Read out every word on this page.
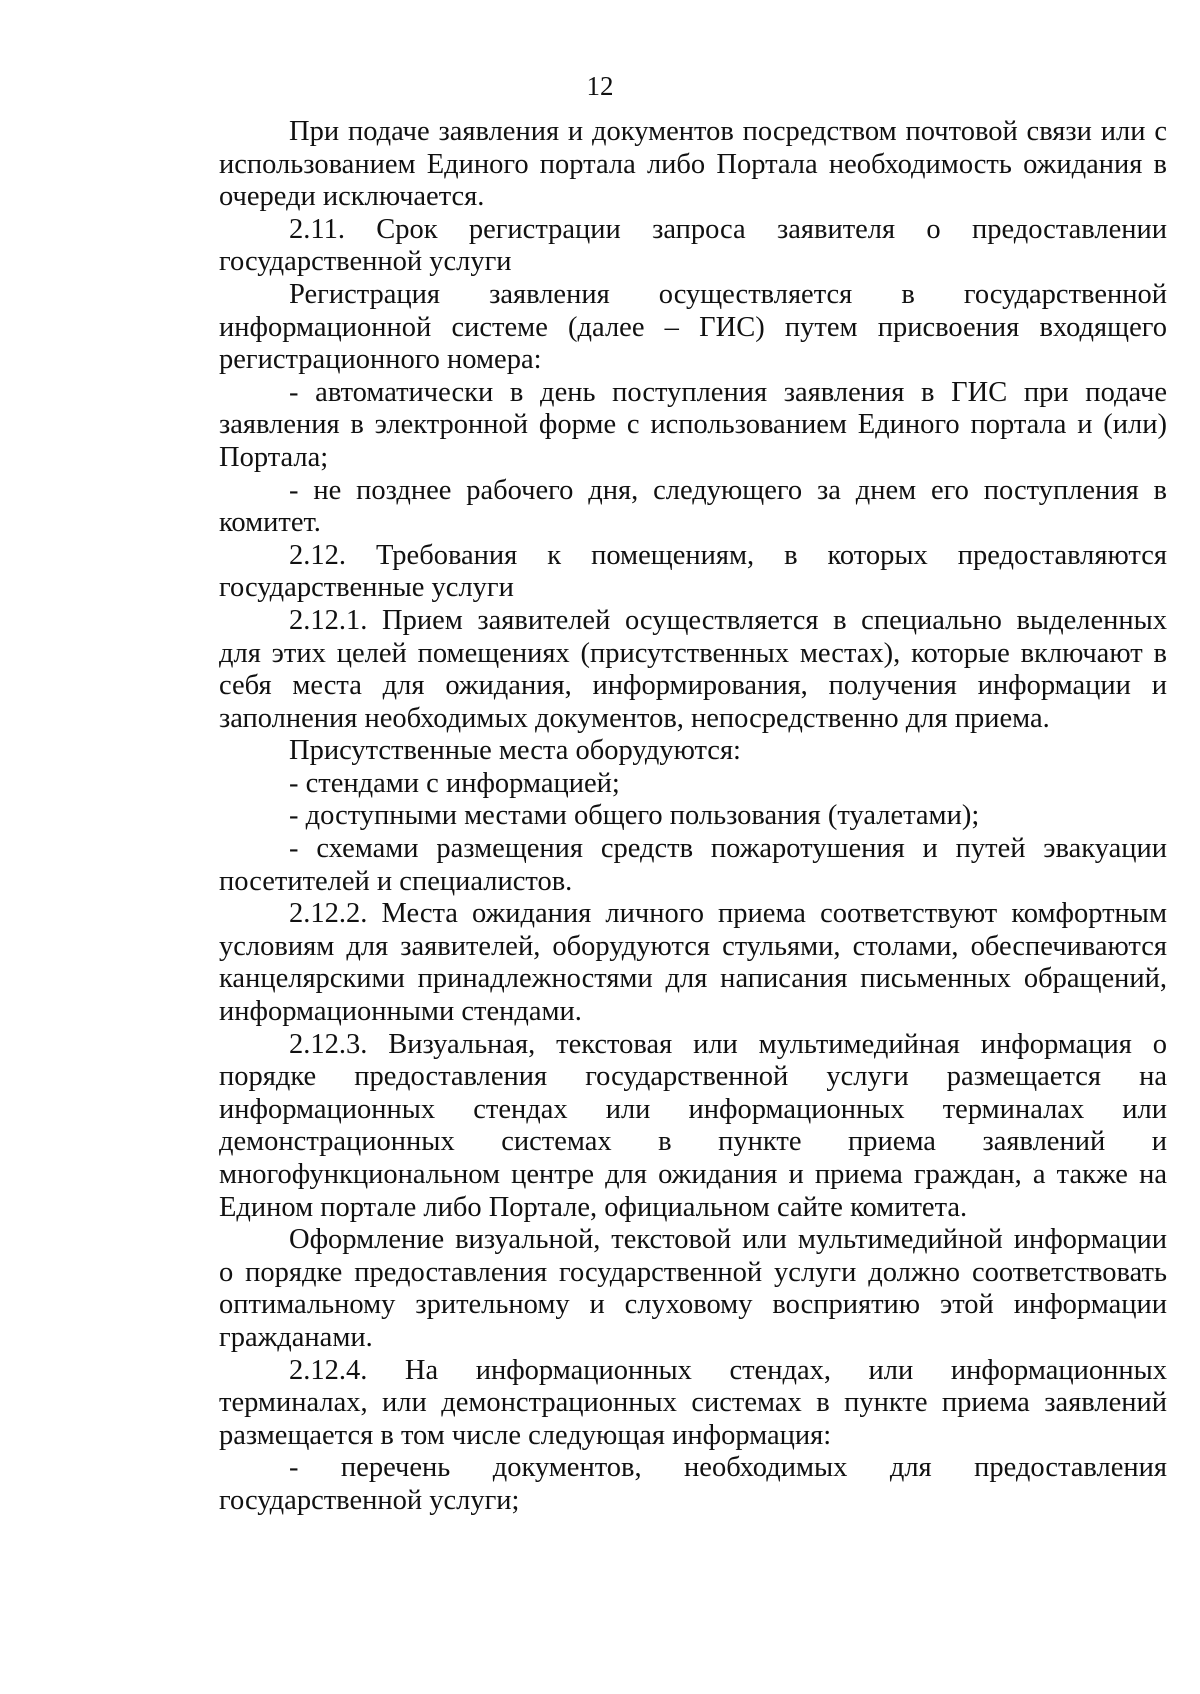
12

При подаче заявления и документов посредством почтовой связи или с использованием Единого портала либо Портала необходимость ожидания в очереди исключается.

2.11. Срок регистрации запроса заявителя о предоставлении государственной услуги

Регистрация заявления осуществляется в государственной информационной системе (далее – ГИС) путем присвоения входящего регистрационного номера:

- автоматически в день поступления заявления в ГИС при подаче заявления в электронной форме с использованием Единого портала и (или) Портала;

- не позднее рабочего дня, следующего за днем его поступления в комитет.

2.12. Требования к помещениям, в которых предоставляются государственные услуги

2.12.1. Прием заявителей осуществляется в специально выделенных для этих целей помещениях (присутственных местах), которые включают в себя места для ожидания, информирования, получения информации и заполнения необходимых документов, непосредственно для приема.

Присутственные места оборудуются:

- стендами с информацией;

- доступными местами общего пользования (туалетами);

- схемами размещения средств пожаротушения и путей эвакуации посетителей и специалистов.

2.12.2. Места ожидания личного приема соответствуют комфортным условиям для заявителей, оборудуются стульями, столами, обеспечиваются канцелярскими принадлежностями для написания письменных обращений, информационными стендами.

2.12.3. Визуальная, текстовая или мультимедийная информация о порядке предоставления государственной услуги размещается на информационных стендах или информационных терминалах или демонстрационных системах в пункте приема заявлений и многофункциональном центре для ожидания и приема граждан, а также на Едином портале либо Портале, официальном сайте комитета.

Оформление визуальной, текстовой или мультимедийной информации о порядке предоставления государственной услуги должно соответствовать оптимальному зрительному и слуховому восприятию этой информации гражданами.

2.12.4. На информационных стендах, или информационных терминалах, или демонстрационных системах в пункте приема заявлений размещается в том числе следующая информация:

- перечень документов, необходимых для предоставления государственной услуги;
